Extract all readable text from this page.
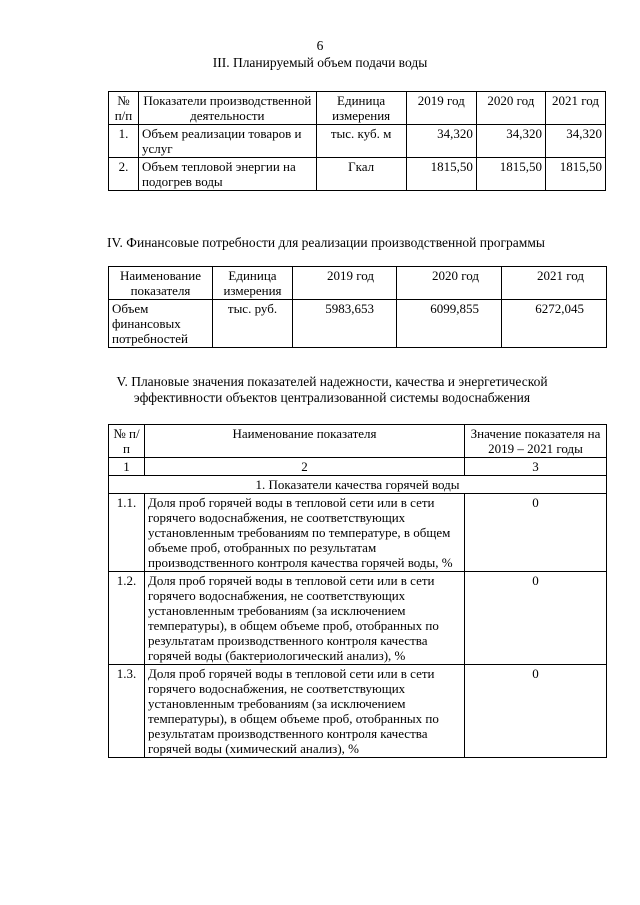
6
III. Планируемый объем подачи воды
№ п/п	Показатели производственной деятельности	Единица измерения	2019 год	2020 год	2021 год
1.	Объем реализации товаров и услуг	тыс. куб. м	34,320	34,320	34,320
2.	Объем тепловой энергии на подогрев воды	Гкал	1815,50	1815,50	1815,50
IV. Финансовые потребности для реализации производственной программы
Наименование показателя	Единица измерения	2019 год	2020 год	2021 год
Объем финансовых потребностей	тыс. руб.	5983,653	6099,855	6272,045
V. Плановые значения показателей надежности, качества и энергетической
эффективности объектов централизованной системы водоснабжения
№ п/п	Наименование показателя	Значение показателя на 2019 – 2021 годы
1	2	3
1. Показатели качества горячей воды		
1.1.	Доля проб горячей воды в тепловой сети или в сети горячего водоснабжения, не соответствующих установленным требованиям по температуре, в общем объеме проб, отобранных по результатам производственного контроля качества горячей воды, %	0
1.2.	Доля проб горячей воды в тепловой сети или в сети горячего водоснабжения, не соответствующих установленным требованиям (за исключением температуры), в общем объеме проб, отобранных по результатам производственного контроля качества горячей воды (бактериологический анализ), %	0
1.3.	Доля проб горячей воды в тепловой сети или в сети горячего водоснабжения, не соответствующих установленным требованиям (за исключением температуры), в общем объеме проб, отобранных по результатам производственного контроля качества горячей воды (химический анализ), %	0
